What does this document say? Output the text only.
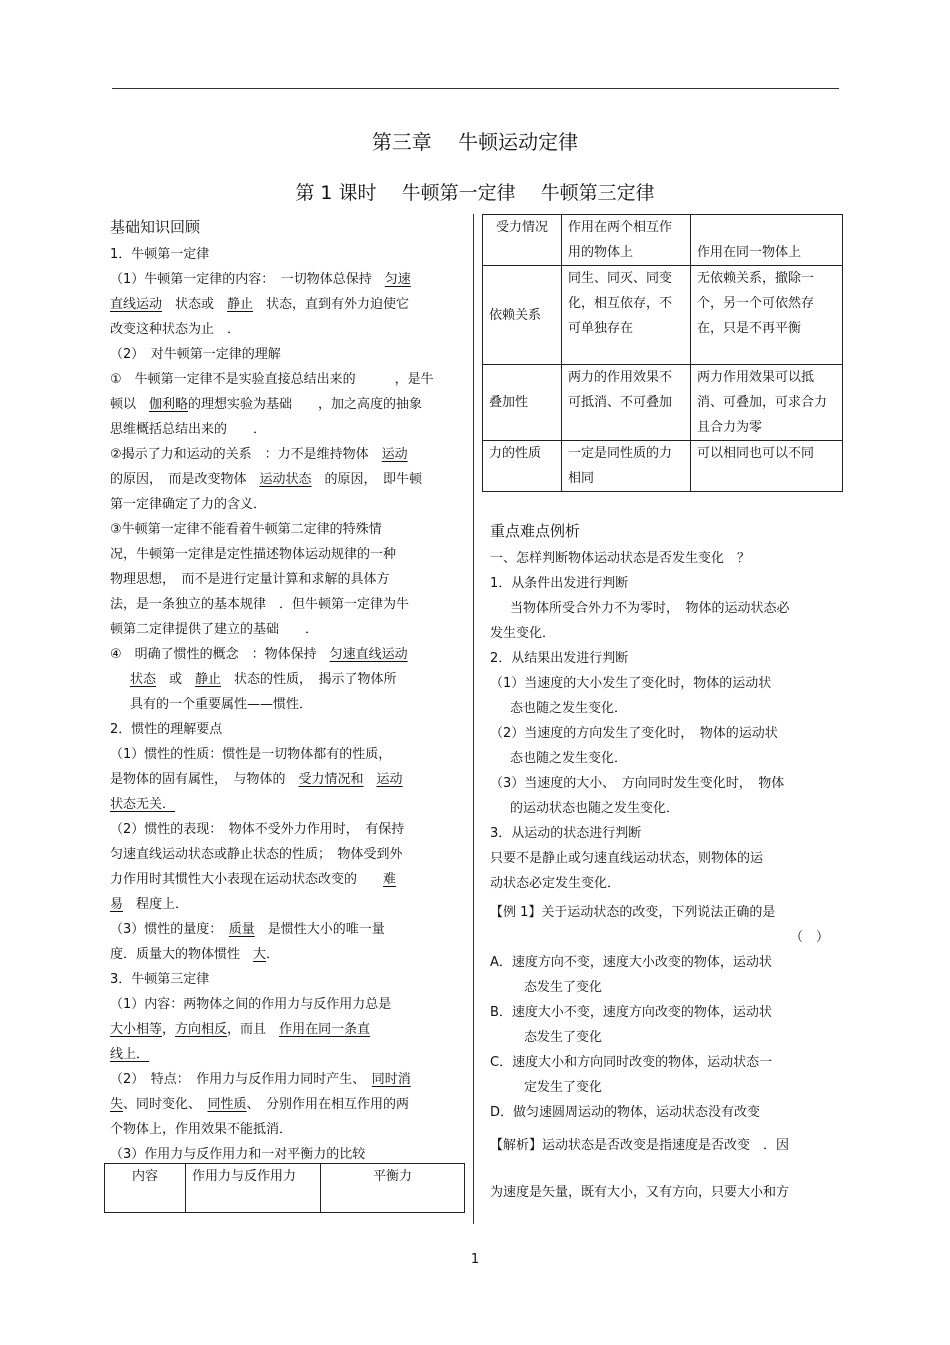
第三章　 牛顿运动定律
第 1 课时　 牛顿第一定律　 牛顿第三定律
基础知识回顾

1．牛顿第一定律

（1）牛顿第一定律的内容：　一切物体总保持　匀速

直线运动　状态或　静止　状态，直到有外力迫使它

改变这种状态为止　．

（2）　对牛顿第一定律的理解

①　牛顿第一定律不是实验直接总结出来的　　　，是牛

顿以　伽利略的理想实验为基础　　，加之高度的抽象

思维概括总结出来的　　．

②揭示了力和运动的关系　：力不是维持物体　运动

的原因，　而是改变物体　运动状态　的原因，　即牛顿

第一定律确定了力的含义．

③牛顿第一定律不能看着牛顿第二定律的特殊情

况，牛顿第一定律是定性描述物体运动规律的一种

物理思想，　而不是进行定量计算和求解的具体方

法，是一条独立的基本规律　．但牛顿第一定律为牛

顿第二定律提供了建立的基础　　．

④　明确了惯性的概念　：物体保持　匀速直线运动

状态　或　静止　状态的性质，　揭示了物体所

具有的一个重要属性——惯性．

2．惯性的理解要点

（1）惯性的性质：惯性是一切物体都有的性质，

是物体的固有属性，　与物体的　受力情况和　 运动

状态无关．

（2）惯性的表现：　物体不受外力作用时，　有保持

匀速直线运动状态或静止状态的性质；　物体受到外

力作用时其惯性大小表现在运动状态改变的　　难

易　程度上．

（3）惯性的量度：　质量　是惯性大小的唯一量

度．质量大的物体惯性　大．

3．牛顿第三定律

（1）内容：两物体之间的作用力与反作用力总是

大小相等，方向相反，而且　作用在同一条直

线上．

（2）　特点：　作用力与反作用力同时产生、　同时消

失、同时变化、　同性质、　分别作用在相互作用的两

个物体上，作用效果不能抵消．

（3）作用力与反作用力和一对平衡力的比较

内容	作用力与反作用力	平衡力
受力情况	作用在两个相互作用的物体上	作用在同一物体上
依赖关系	同生、同灭、同变化，相互依存，不可单独存在	无依赖关系，撤除一个，另一个可依然存在，只是不再平衡
叠加性	两力的作用效果不可抵消、不可叠加	两力作用效果可以抵消、可叠加，可求合力且合力为零
力的性质	一定是同性质的力相同	可以相同也可以不同
重点难点例析

一、怎样判断物体运动状态是否发生变化　？

1．从条件出发进行判断

当物体所受合外力不为零时，　物体的运动状态必

发生变化．

2．从结果出发进行判断

（1）当速度的大小发生了变化时，物体的运动状

态也随之发生变化．

（2）当速度的方向发生了变化时，　物体的运动状

态也随之发生变化．

（3）当速度的大小、　方向同时发生变化时，　物体

的运动状态也随之发生变化．

3．从运动的状态进行判断

只要不是静止或匀速直线运动状态，则物体的运

动状态必定发生变化．

【例 1】关于运动状态的改变，下列说法正确的是

（　）

A．速度方向不变，速度大小改变的物体，运动状

态发生了变化

B．速度大小不变，速度方向改变的物体，运动状

态发生了变化

C．速度大小和方向同时改变的物体，运动状态一

定发生了变化

D．做匀速圆周运动的物体，运动状态没有改变

【解析】运动状态是否改变是指速度是否改变　．因

为速度是矢量，既有大小，又有方向，只要大小和方

1
